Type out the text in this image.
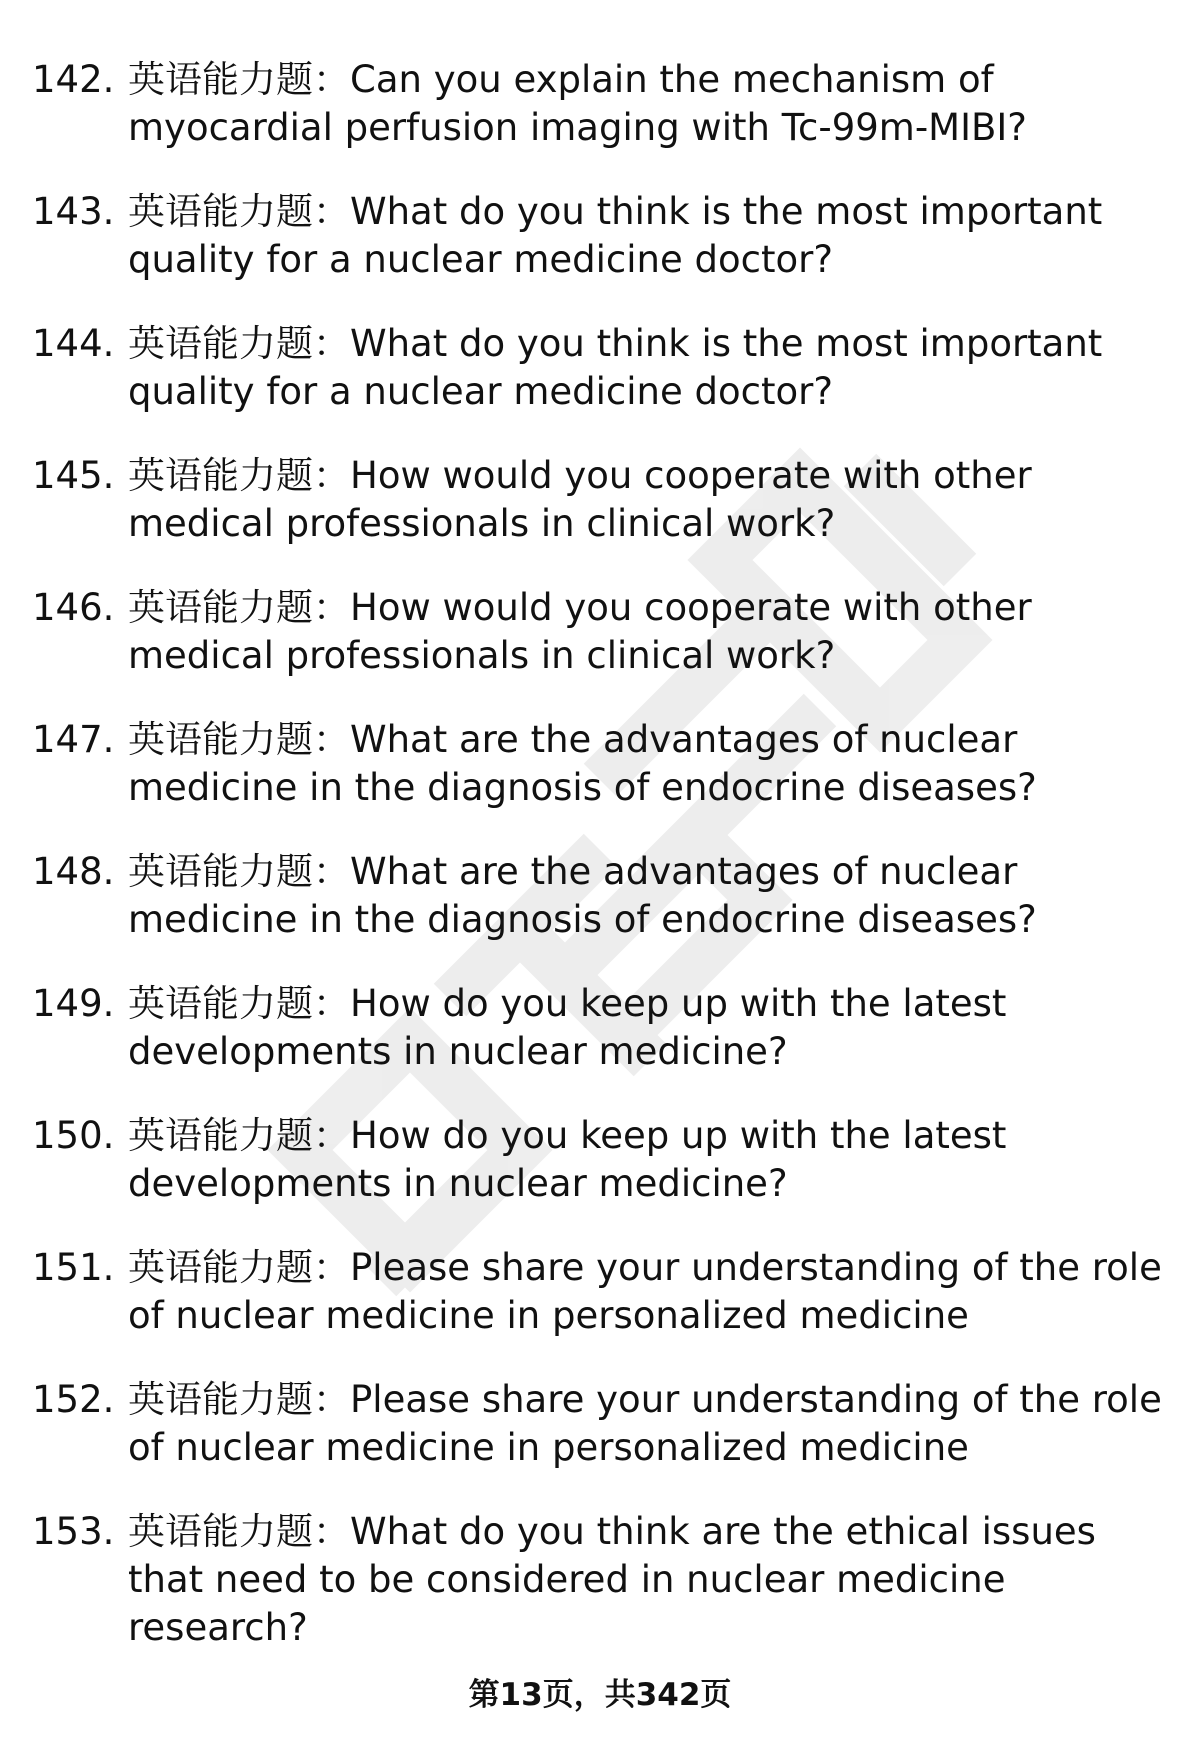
142. 英语能力题：Can you explain the mechanism of myocardial perfusion imaging with Tc-99m-MIBI?
143. 英语能力题：What do you think is the most important quality for a nuclear medicine doctor?
144. 英语能力题：What do you think is the most important quality for a nuclear medicine doctor?
145. 英语能力题：How would you cooperate with other medical professionals in clinical work?
146. 英语能力题：How would you cooperate with other medical professionals in clinical work?
147. 英语能力题：What are the advantages of nuclear medicine in the diagnosis of endocrine diseases?
148. 英语能力题：What are the advantages of nuclear medicine in the diagnosis of endocrine diseases?
149. 英语能力题：How do you keep up with the latest developments in nuclear medicine?
150. 英语能力题：How do you keep up with the latest developments in nuclear medicine?
151. 英语能力题：Please share your understanding of the role of nuclear medicine in personalized medicine
152. 英语能力题：Please share your understanding of the role of nuclear medicine in personalized medicine
153. 英语能力题：What do you think are the ethical issues that need to be considered in nuclear medicine research?
第13页，共342页
